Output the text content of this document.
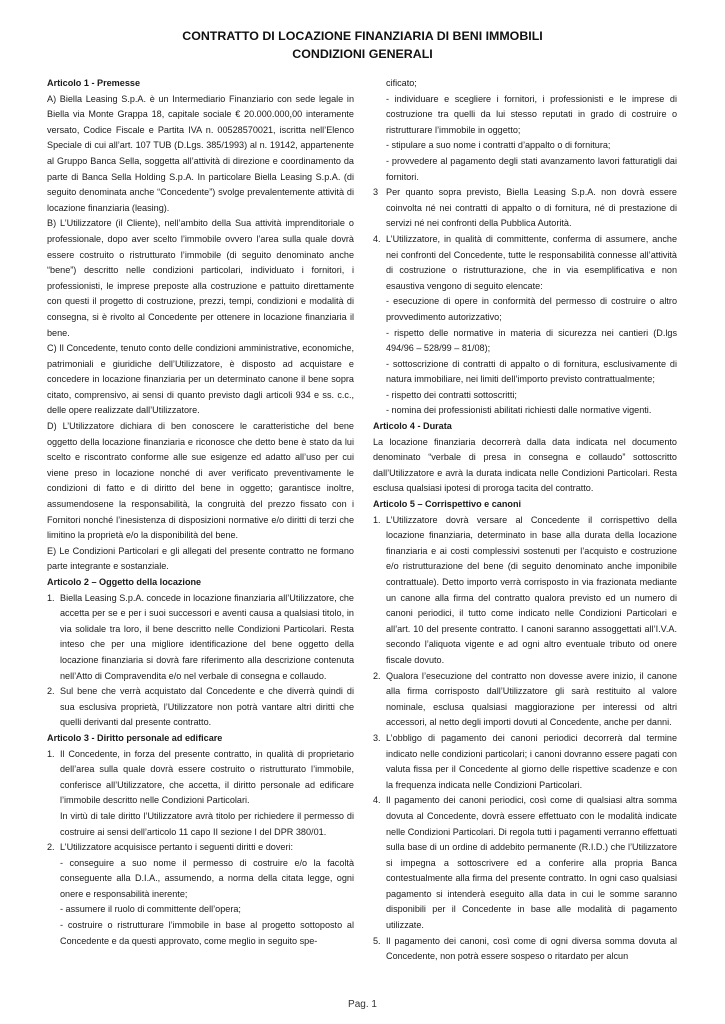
CONTRATTO DI LOCAZIONE FINANZIARIA DI BENI IMMOBILI
CONDIZIONI GENERALI

Articolo 1 - Premesse

A) Biella Leasing S.p.A. è un Intermediario Finanziario con sede legale in Biella via Monte Grappa 18, capitale sociale € 20.000.000,00 interamente versato, Codice Fiscale e Partita IVA n. 00528570021, iscritta nell’Elenco Speciale di cui all’art. 107 TUB (D.Lgs. 385/1993) al n. 19142, appartenente al Gruppo Banca Sella, soggetta all’attività di direzione e coordinamento da parte di Banca Sella Holding S.p.A. In particolare Biella Leasing S.p.A. (di seguito denominata anche “Concedente”) svolge prevalentemente attività di locazione finanziaria (leasing).

B) L’Utilizzatore (il Cliente), nell’ambito della Sua attività imprenditoriale o professionale, dopo aver scelto l’immobile ovvero l’area sulla quale dovrà essere costruito o ristrutturato l’immobile (di seguito denominato anche “bene”) descritto nelle condizioni particolari, individuato i fornitori, i professionisti, le imprese preposte alla costruzione e pattuito direttamente con questi il progetto di costruzione, prezzi, tempi, condizioni e modalità di consegna, si è rivolto al Concedente per ottenere in locazione finanziaria il bene.

C) Il Concedente, tenuto conto delle condizioni amministrative, economiche, patrimoniali e giuridiche dell’Utilizzatore, è disposto ad acquistare e concedere in locazione finanziaria per un determinato canone il bene sopra citato, comprensivo, ai sensi di quanto previsto dagli articoli 934 e ss. c.c., delle opere realizzate dall’Utilizzatore.

D) L’Utilizzatore dichiara di ben conoscere le caratteristiche del bene oggetto della locazione finanziaria e riconosce che detto bene è stato da lui scelto e riscontrato conforme alle sue esigenze ed adatto all’uso per cui viene preso in locazione nonché di aver verificato preventivamente le condizioni di fatto e di diritto del bene in oggetto; garantisce inoltre, assumendosene la responsabilità, la congruità del prezzo fissato con i Fornitori nonché l’inesistenza di disposizioni normative e/o diritti di terzi che limitino la proprietà e/o la disponibilità del bene.

E) Le Condizioni Particolari e gli allegati del presente contratto ne formano parte integrante e sostanziale.

Articolo 2 – Oggetto della locazione

1. Biella Leasing S.p.A. concede in locazione finanziaria all’Utilizzatore, che accetta per se e per i suoi successori e aventi causa a qualsiasi titolo, in via solidale tra loro, il bene descritto nelle Condizioni Particolari. Resta inteso che per una migliore identificazione del bene oggetto della locazione finanziaria si dovrà fare riferimento alla descrizione contenuta nell’Atto di Compravendita e/o nel verbale di consegna e collaudo.
2. Sul bene che verrà acquistato dal Concedente e che diverrà quindi di sua esclusiva proprietà, l’Utilizzatore non potrà vantare altri diritti che quelli derivanti dal presente contratto.

Articolo 3 - Diritto personale ad edificare

1. Il Concedente, in forza del presente contratto, in qualità di proprietario dell’area sulla quale dovrà essere costruito o ristrutturato l’immobile, conferisce all’Utilizzatore, che accetta, il diritto personale ad edificare l’immobile descritto nelle Condizioni Particolari.

In virtù di tale diritto l’Utilizzatore avrà titolo per richiedere il permesso di costruire ai sensi dell’articolo 11 capo II sezione I del DPR 380/01.

2. L’Utilizzatore acquisisce pertanto i seguenti diritti e doveri:

- conseguire a suo nome il permesso di costruire e/o la facoltà conseguente alla D.I.A., assumendo, a norma della citata legge, ogni onere e responsabilità inerente;

- assumere il ruolo di committente dell’opera;

- costruire o ristrutturare l’immobile in base al progetto sottoposto al Concedente e da questi approvato, come meglio in seguito spe-

cificato;

- individuare e scegliere i fornitori, i professionisti e le imprese di costruzione tra quelli da lui stesso reputati in grado di costruire o ristrutturare l’immobile in oggetto;

- stipulare a suo nome i contratti d’appalto o di fornitura;

- provvedere al pagamento degli stati avanzamento lavori fatturatigli dai fornitori.

3 Per quanto sopra previsto, Biella Leasing S.p.A. non dovrà essere coinvolta né nei contratti di appalto o di fornitura, né di prestazione di servizi né nei confronti della Pubblica Autorità.
4. L’Utilizzatore, in qualità di committente, conferma di assumere, anche nei confronti del Concedente, tutte le responsabilità connesse all’attività di costruzione o ristrutturazione, che in via esemplificativa e non esaustiva vengono di seguito elencate:

- esecuzione di opere in conformità del permesso di costruire o altro provvedimento autorizzativo;

- rispetto delle normative in materia di sicurezza nei cantieri (D.lgs 494/96 – 528/99 – 81/08);

- sottoscrizione di contratti di appalto o di fornitura, esclusivamente di natura immobiliare, nei limiti dell’importo previsto contrattualmente;

- rispetto dei contratti sottoscritti;

- nomina dei professionisti abilitati richiesti dalle normative vigenti.

Articolo 4 - Durata

La locazione finanziaria decorrerà dalla data indicata nel documento denominato “verbale di presa in consegna e collaudo” sottoscritto dall’Utilizzatore e avrà la durata indicata nelle Condizioni Particolari. Resta esclusa qualsiasi ipotesi di proroga tacita del contratto.

Articolo 5 – Corrispettivo e canoni

1. L’Utilizzatore dovrà versare al Concedente il corrispettivo della locazione finanziaria, determinato in base alla durata della locazione finanziaria e ai costi complessivi sostenuti per l’acquisto e costruzione e/o ristrutturazione del bene (di seguito denominato anche imponibile contrattuale). Detto importo verrà corrisposto in via frazionata mediante un canone alla firma del contratto qualora previsto ed un numero di canoni periodici, il tutto come indicato nelle Condizioni Particolari e all’art. 10 del presente contratto. I canoni saranno assoggettati all’I.V.A. secondo l’aliquota vigente e ad ogni altro eventuale tributo od onere fiscale dovuto.
2. Qualora l’esecuzione del contratto non dovesse avere inizio, il canone alla firma corrisposto dall’Utilizzatore gli sarà restituito al valore nominale, esclusa qualsiasi maggiorazione per interessi od altri accessori, al netto degli importi dovuti al Concedente, anche per danni.
3. L’obbligo di pagamento dei canoni periodici decorrerà dal termine indicato nelle condizioni particolari; i canoni dovranno essere pagati con valuta fissa per il Concedente al giorno delle rispettive scadenze e con la frequenza indicata nelle Condizioni Particolari.
4. Il pagamento dei canoni periodici, così come di qualsiasi altra somma dovuta al Concedente, dovrà essere effettuato con le modalità indicate nelle Condizioni Particolari. Di regola tutti i pagamenti verranno effettuati sulla base di un ordine di addebito permanente (R.I.D.) che l’Utilizzatore si impegna a sottoscrivere ed a conferire alla propria Banca contestualmente alla firma del presente contratto. In ogni caso qualsiasi pagamento si intenderà eseguito alla data in cui le somme saranno disponibili per il Concedente in base alle modalità di pagamento utilizzate.
5. Il pagamento dei canoni, così come di ogni diversa somma dovuta al Concedente, non potrà essere sospeso o ritardato per alcun
Pag. 1
